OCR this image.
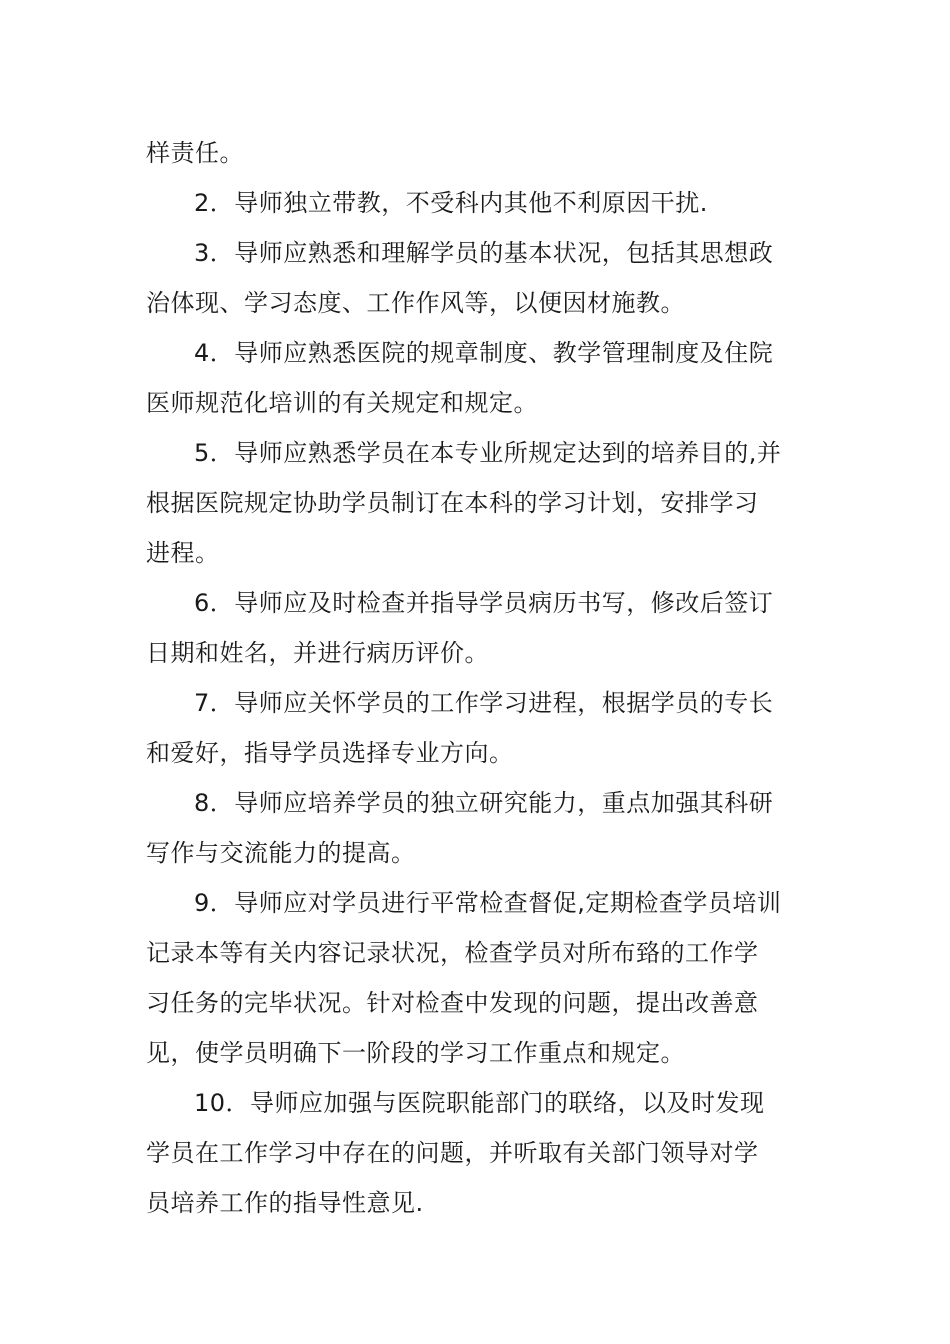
样责任。
2．导师独立带教，不受科内其他不利原因干扰.
3．导师应熟悉和理解学员的基本状况，包括其思想政
治体现、学习态度、工作作风等，以便因材施教。
4．导师应熟悉医院的规章制度、教学管理制度及住院
医师规范化培训的有关规定和规定。
5．导师应熟悉学员在本专业所规定达到的培养目的,并
根据医院规定协助学员制订在本科的学习计划，安排学习
进程。
6．导师应及时检查并指导学员病历书写，修改后签订
日期和姓名，并进行病历评价。
7．导师应关怀学员的工作学习进程，根据学员的专长
和爱好，指导学员选择专业方向。
8．导师应培养学员的独立研究能力，重点加强其科研
写作与交流能力的提高。
9．导师应对学员进行平常检查督促,定期检查学员培训
记录本等有关内容记录状况，检查学员对所布臵的工作学
习任务的完毕状况。针对检查中发现的问题，提出改善意
见，使学员明确下一阶段的学习工作重点和规定。
10．导师应加强与医院职能部门的联络，以及时发现
学员在工作学习中存在的问题，并听取有关部门领导对学
员培养工作的指导性意见.
